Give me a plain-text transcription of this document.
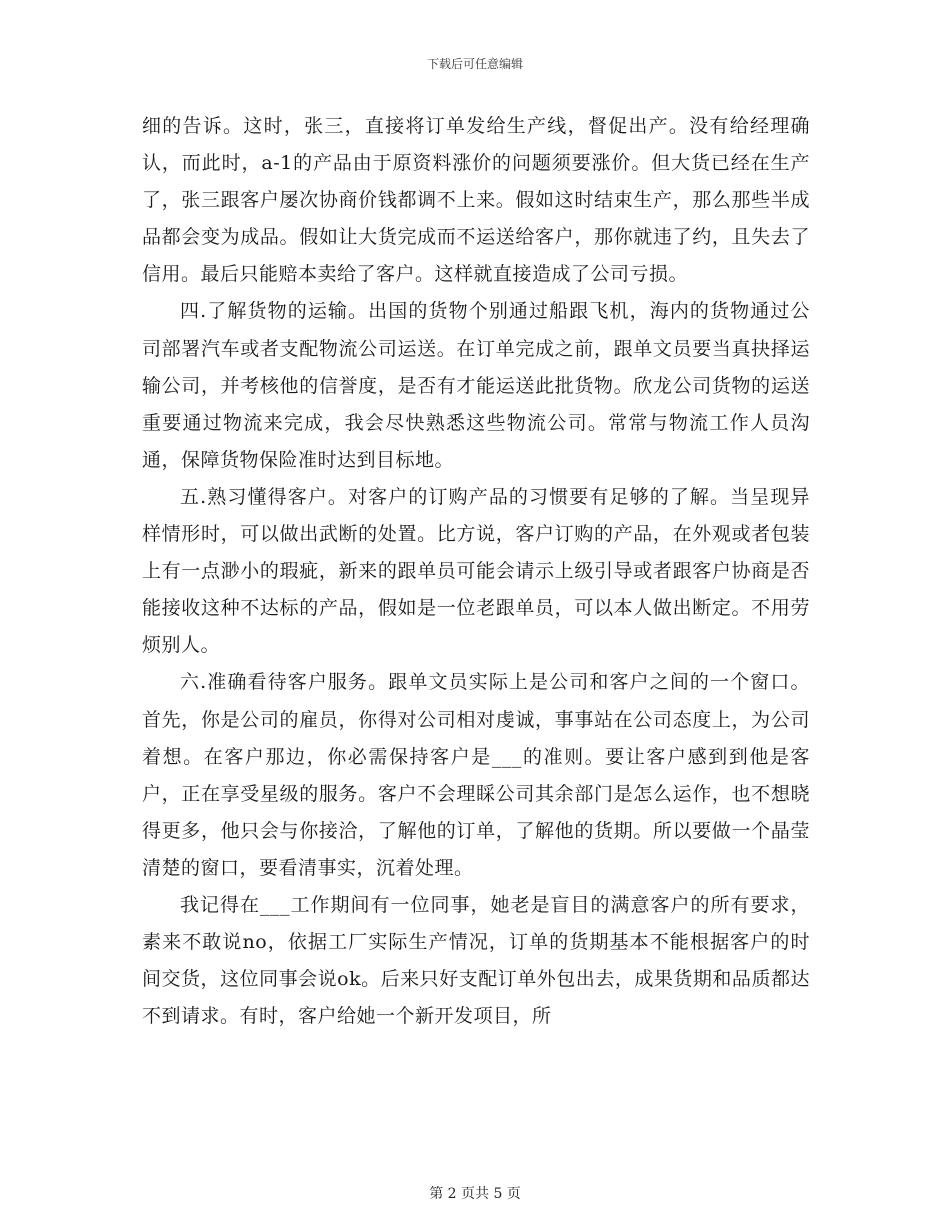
下载后可任意编辑

细的告诉。这时，张三，直接将订单发给生产线，督促出产。没有给经理确认，而此时，a-1的产品由于原资料涨价的问题须要涨价。但大货已经在生产了，张三跟客户屡次协商价钱都调不上来。假如这时结束生产，那么那些半成品都会变为成品。假如让大货完成而不运送给客户，那你就违了约，且失去了信用。最后只能赔本卖给了客户。这样就直接造成了公司亏损。

四.了解货物的运输。出国的货物个别通过船跟飞机，海内的货物通过公司部署汽车或者支配物流公司运送。在订单完成之前，跟单文员要当真抉择运输公司，并考核他的信誉度，是否有才能运送此批货物。欣龙公司货物的运送重要通过物流来完成，我会尽快熟悉这些物流公司。常常与物流工作人员沟通，保障货物保险准时达到目标地。

五.熟习懂得客户。对客户的订购产品的习惯要有足够的了解。当呈现异样情形时，可以做出武断的处置。比方说，客户订购的产品，在外观或者包装上有一点渺小的瑕疵，新来的跟单员可能会请示上级引导或者跟客户协商是否能接收这种不达标的产品，假如是一位老跟单员，可以本人做出断定。不用劳烦别人。

六.准确看待客户服务。跟单文员实际上是公司和客户之间的一个窗口。首先，你是公司的雇员，你得对公司相对虔诚，事事站在公司态度上，为公司着想。在客户那边，你必需保持客户是___的准则。要让客户感到到他是客户，正在享受星级的服务。客户不会理睬公司其余部门是怎么运作，也不想晓得更多，他只会与你接洽，了解他的订单，了解他的货期。所以要做一个晶莹清楚的窗口，要看清事实，沉着处理。

我记得在___工作期间有一位同事，她老是盲目的满意客户的所有要求，素来不敢说no，依据工厂实际生产情况，订单的货期基本不能根据客户的时间交货，这位同事会说ok。后来只好支配订单外包出去，成果货期和品质都达不到请求。有时，客户给她一个新开发项目，所

第 2 页共 5 页
